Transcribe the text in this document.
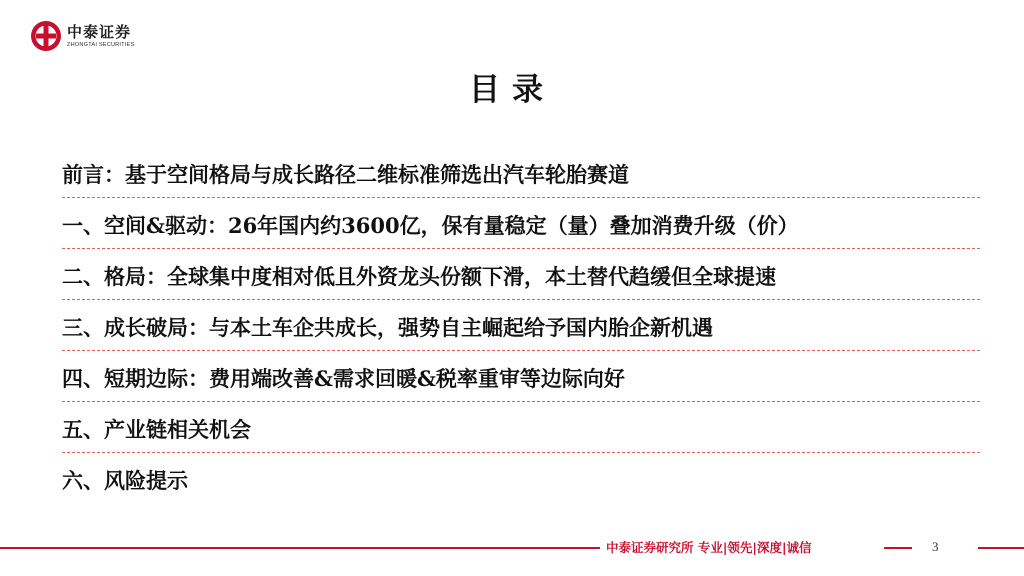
中泰证券
ZHONGTAI SECURITIES
目录
前言：基于空间格局与成长路径二维标准筛选出汽车轮胎赛道
一、空间&驱动：26年国内约3600亿，保有量稳定（量）叠加消费升级（价）
二、格局：全球集中度相对低且外资龙头份额下滑，本土替代趋缓但全球提速
三、成长破局：与本土车企共成长，强势自主崛起给予国内胎企新机遇
四、短期边际：费用端改善&需求回暖&税率重审等边际向好
五、产业链相关机会
六、风险提示
中泰证券研究所 专业|领先|深度|诚信	3
